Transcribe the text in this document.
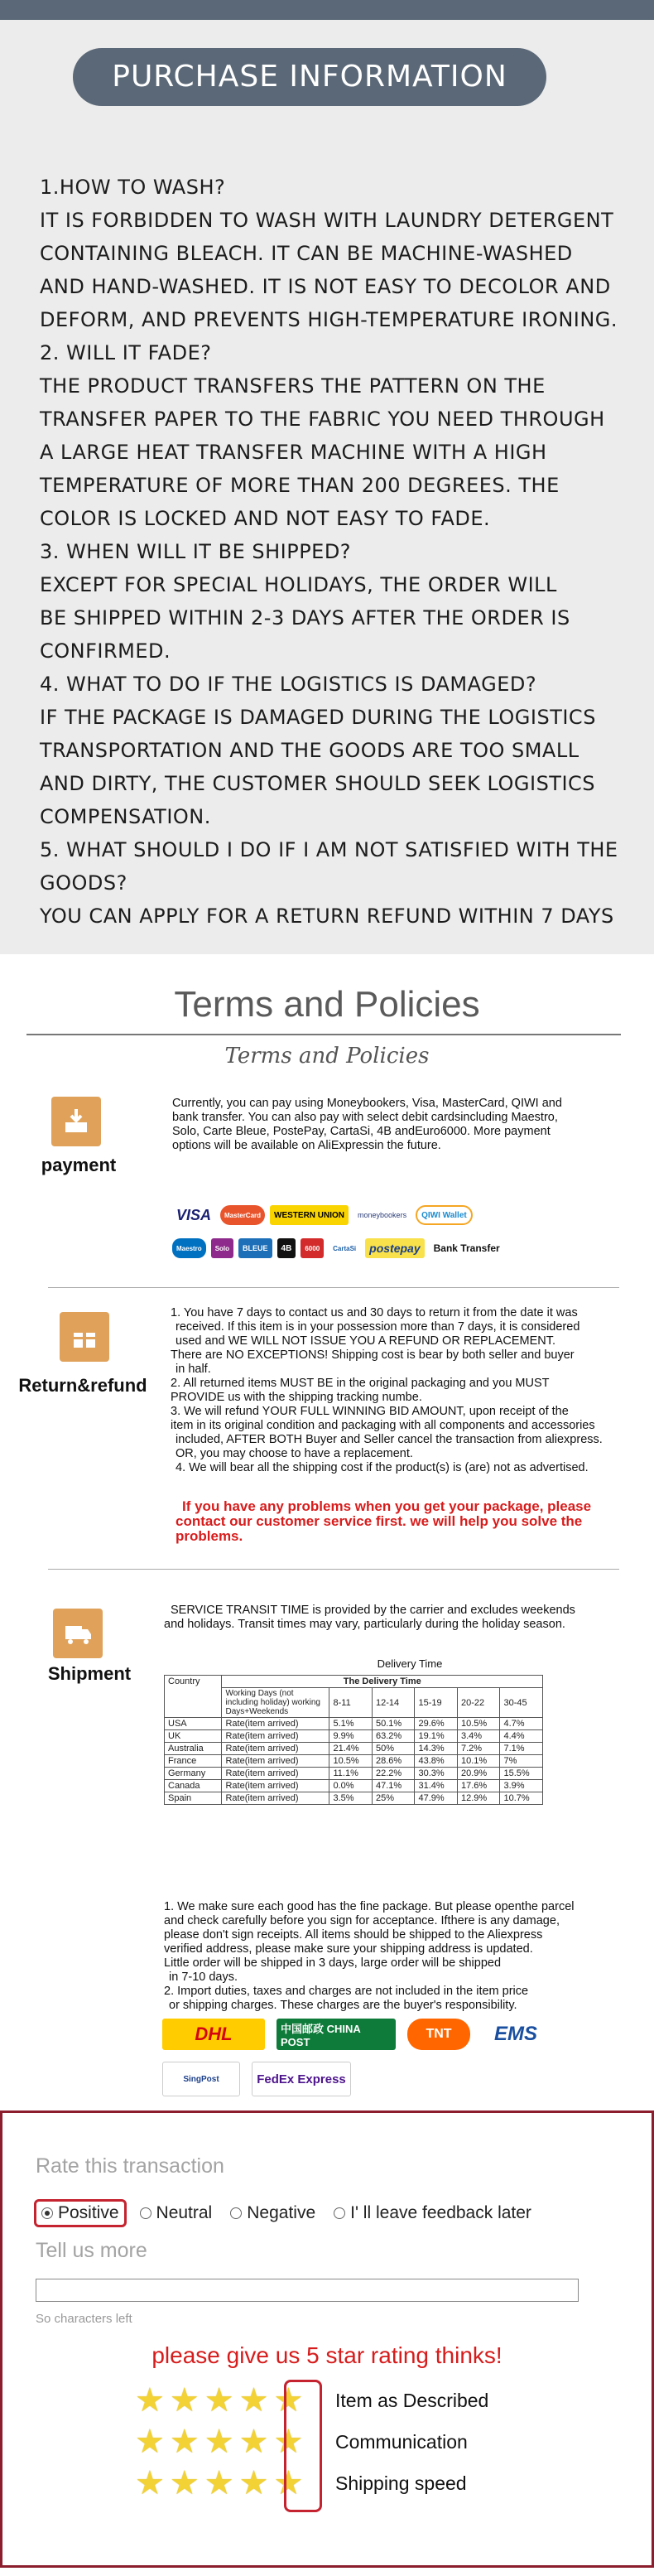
PURCHASE INFORMATION
1.HOW TO WASH?
IT IS FORBIDDEN TO WASH WITH LAUNDRY DETERGENT
CONTAINING BLEACH. IT CAN BE MACHINE-WASHED
AND HAND-WASHED. IT IS NOT EASY TO DECOLOR AND
DEFORM, AND PREVENTS HIGH-TEMPERATURE IRONING.
2. WILL IT FADE?
THE PRODUCT TRANSFERS THE PATTERN ON THE
TRANSFER PAPER TO THE FABRIC YOU NEED THROUGH
A LARGE HEAT TRANSFER MACHINE WITH A HIGH
TEMPERATURE OF MORE THAN 200 DEGREES. THE
COLOR IS LOCKED AND NOT EASY TO FADE.
3. WHEN WILL IT BE SHIPPED?
EXCEPT FOR SPECIAL HOLIDAYS, THE ORDER WILL
BE SHIPPED WITHIN 2-3 DAYS AFTER THE ORDER IS
CONFIRMED.
4. WHAT TO DO IF THE LOGISTICS IS DAMAGED?
IF THE PACKAGE IS DAMAGED DURING THE LOGISTICS
TRANSPORTATION AND THE GOODS ARE TOO SMALL
AND DIRTY, THE CUSTOMER SHOULD SEEK LOGISTICS
COMPENSATION.
5. WHAT SHOULD I DO IF I AM NOT SATISFIED WITH THE
GOODS?
YOU CAN APPLY FOR A RETURN REFUND WITHIN 7 DAYS
Terms and Policies
Terms and Policies
payment
Currently, you can pay using Moneybookers, Visa, MasterCard, QIWI and
bank transfer. You can also pay with select debit cardsincluding Maestro,
Solo, Carte Bleue, PostePay, CartaSi, 4B andEuro6000. More payment
options will be available on AliExpressin the future.
VISA	MasterCard	WESTERN UNION	moneybookers	QIWI Wallet
Maestro	Solo	BLEUE	4B	6000	CartaSi	postepay	Bank Transfer
Return&refund
1. You have 7 days to contact us and 30 days to return it from the date it was
received. If this item is in your possession more than 7 days, it is considered
used and WE WILL NOT ISSUE YOU A REFUND OR REPLACEMENT.
There are NO EXCEPTIONS! Shipping cost is bear by both seller and buyer
in half.
2. All returned items MUST BE in the original packaging and you MUST
PROVIDE us with the shipping tracking numbe.
3. We will refund YOUR FULL WINNING BID AMOUNT, upon receipt of the
item in its original condition and packaging with all components and accessories
included, AFTER BOTH Buyer and Seller cancel the transaction from aliexpress.
OR, you may choose to have a replacement.
4. We will bear all the shipping cost if the product(s) is (are) not as advertised.
If you have any problems when you get your package, please
contact our customer service first. we will help you solve the
problems.
Shipment
SERVICE TRANSIT TIME is provided by the carrier and excludes weekends
and holidays. Transit times may vary, particularly during the holiday season.
Delivery Time
Country	The Delivery Time					
	Working Days (not including holiday) working Days+Weekends	8-11	12-14	15-19	20-22	30-45
USA	Rate(item arrived)	5.1%	50.1%	29.6%	10.5%	4.7%
UK	Rate(item arrived)	9.9%	63.2%	19.1%	3.4%	4.4%
Australia	Rate(item arrived)	21.4%	50%	14.3%	7.2%	7.1%
France	Rate(item arrived)	10.5%	28.6%	43.8%	10.1%	7%
Germany	Rate(item arrived)	11.1%	22.2%	30.3%	20.9%	15.5%
Canada	Rate(item arrived)	0.0%	47.1%	31.4%	17.6%	3.9%
Spain	Rate(item arrived)	3.5%	25%	47.9%	12.9%	10.7%
1. We make sure each good has the fine package. But please openthe parcel
and check carefully before you sign for acceptance. Ifthere is any damage,
please don't sign receipts. All items should be shipped to the Aliexpress
verified address, please make sure your shipping address is updated.
Little order will be shipped in 3 days, large order will be shipped
in 7-10 days.
2. Import duties, taxes and charges are not included in the item price
or shipping charges. These charges are the buyer's responsibility.
DHL	中国邮政 CHINA POST
TNT	EMS
SingPost	FedEx Express
Rate this transaction
Positive Neutral Negative I' ll leave feedback later
Tell us more
So characters left
please give us 5 star rating thinks!
★ ★ ★ ★ ★ Item as Described
★ ★ ★ ★ ★ Communication
★ ★ ★ ★ ★ Shipping speed
